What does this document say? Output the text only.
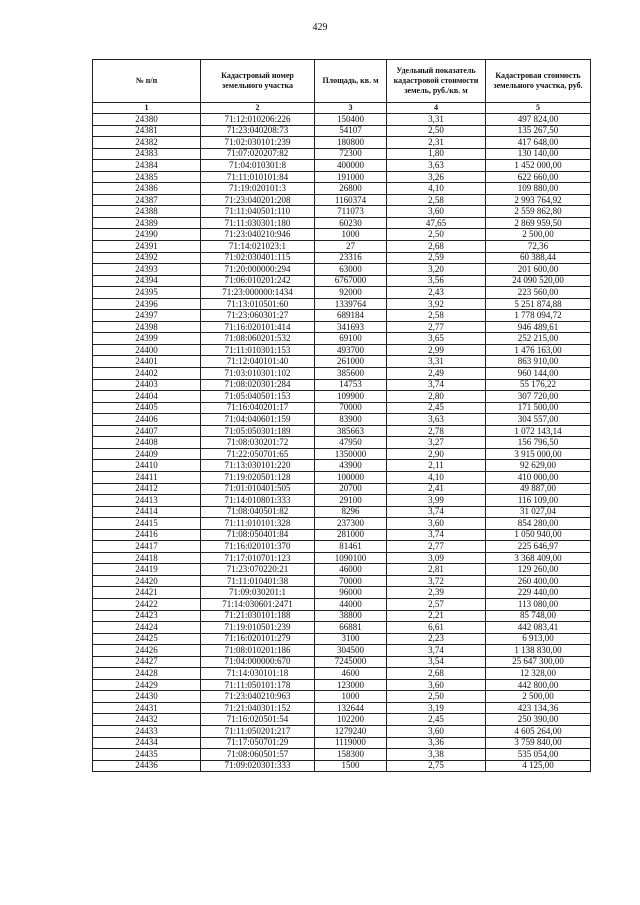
429
№ п/п	Кадастровый номер земельного участка	Площадь, кв. м	Удельный показатель кадастровой стоимости земель, руб./кв. м	Кадастровая стоимость земельного участка, руб.
1	2	3	4	5
24380	71:12:010206:226	150400	3,31	497 824,00
24381	71:23:040208:73	54107	2,50	135 267,50
24382	71:02:030101:239	180800	2,31	417 648,00
24383	71:07:020207:82	72300	1,80	130 140,00
24384	71:04:010301:8	400000	3,63	1 452 000,00
24385	71:11:010101:84	191000	3,26	622 660,00
24386	71:19:020101:3	26800	4,10	109 880,00
24387	71:23:040201:208	1160374	2,58	2 993 764,92
24388	71:11:040501:110	711073	3,60	2 559 862,80
24389	71:11:030301:180	60230	47,65	2 869 959,50
24390	71:23:040210:946	1000	2,50	2 500,00
24391	71:14:021023:1	27	2,68	72,36
24392	71:02:030401:115	23316	2,59	60 388,44
24393	71:20:000000:294	63000	3,20	201 600,00
24394	71:06:010201:242	6767000	3,56	24 090 520,00
24395	71:23:000000:1434	92000	2,43	223 560,00
24396	71:13:010501:60	1339764	3,92	5 251 874,88
24397	71:23:060301:27	689184	2,58	1 778 094,72
24398	71:16:020101:414	341693	2,77	946 489,61
24399	71:08:060201:532	69100	3,65	252 215,00
24400	71:11:010301:153	493700	2,99	1 476 163,00
24401	71:12:040101:40	261000	3,31	863 910,00
24402	71:03:010301:102	385600	2,49	960 144,00
24403	71:08:020301:284	14753	3,74	55 176,22
24404	71:05:040501:153	109900	2,80	307 720,00
24405	71:16:040201:17	70000	2,45	171 500,00
24406	71:04:040601:159	83900	3,63	304 557,00
24407	71:05:050301:189	385663	2,78	1 072 143,14
24408	71:08:030201:72	47950	3,27	156 796,50
24409	71:22:050701:65	1350000	2,90	3 915 000,00
24410	71:13:030101:220	43900	2,11	92 629,00
24411	71:19:020501:128	100000	4,10	410 000,00
24412	71:01:010401:505	20700	2,41	49 887,00
24413	71:14:010801:333	29100	3,99	116 109,00
24414	71:08:040501:82	8296	3,74	31 027,04
24415	71:11:010101:328	237300	3,60	854 280,00
24416	71:08:050401:84	281000	3,74	1 050 940,00
24417	71:16:020101:370	81461	2,77	225 646,97
24418	71:17:010701:123	1090100	3,09	3 368 409,00
24419	71:23:070220:21	46000	2,81	129 260,00
24420	71:11:010401:38	70000	3,72	260 400,00
24421	71:09:030201:1	96000	2,39	229 440,00
24422	71:14:030601:2471	44000	2,57	113 080,00
24423	71:21:030101:188	38800	2,21	85 748,00
24424	71:19:010501:239	66881	6,61	442 083,41
24425	71:16:020101:279	3100	2,23	6 913,00
24426	71:08:010201:186	304500	3,74	1 138 830,00
24427	71:04:000000:670	7245000	3,54	25 647 300,00
24428	71:14:030101:18	4600	2,68	12 328,00
24429	71:11:050101:178	123000	3,60	442 800,00
24430	71:23:040210:963	1000	2,50	2 500,00
24431	71:21:040301:152	132644	3,19	423 134,36
24432	71:16:020501:54	102200	2,45	250 390,00
24433	71:11:050201:217	1279240	3,60	4 605 264,00
24434	71:17:050701:29	1119000	3,36	3 759 840,00
24435	71:08:060501:57	158300	3,38	535 054,00
24436	71:09:020301:333	1500	2,75	4 125,00
